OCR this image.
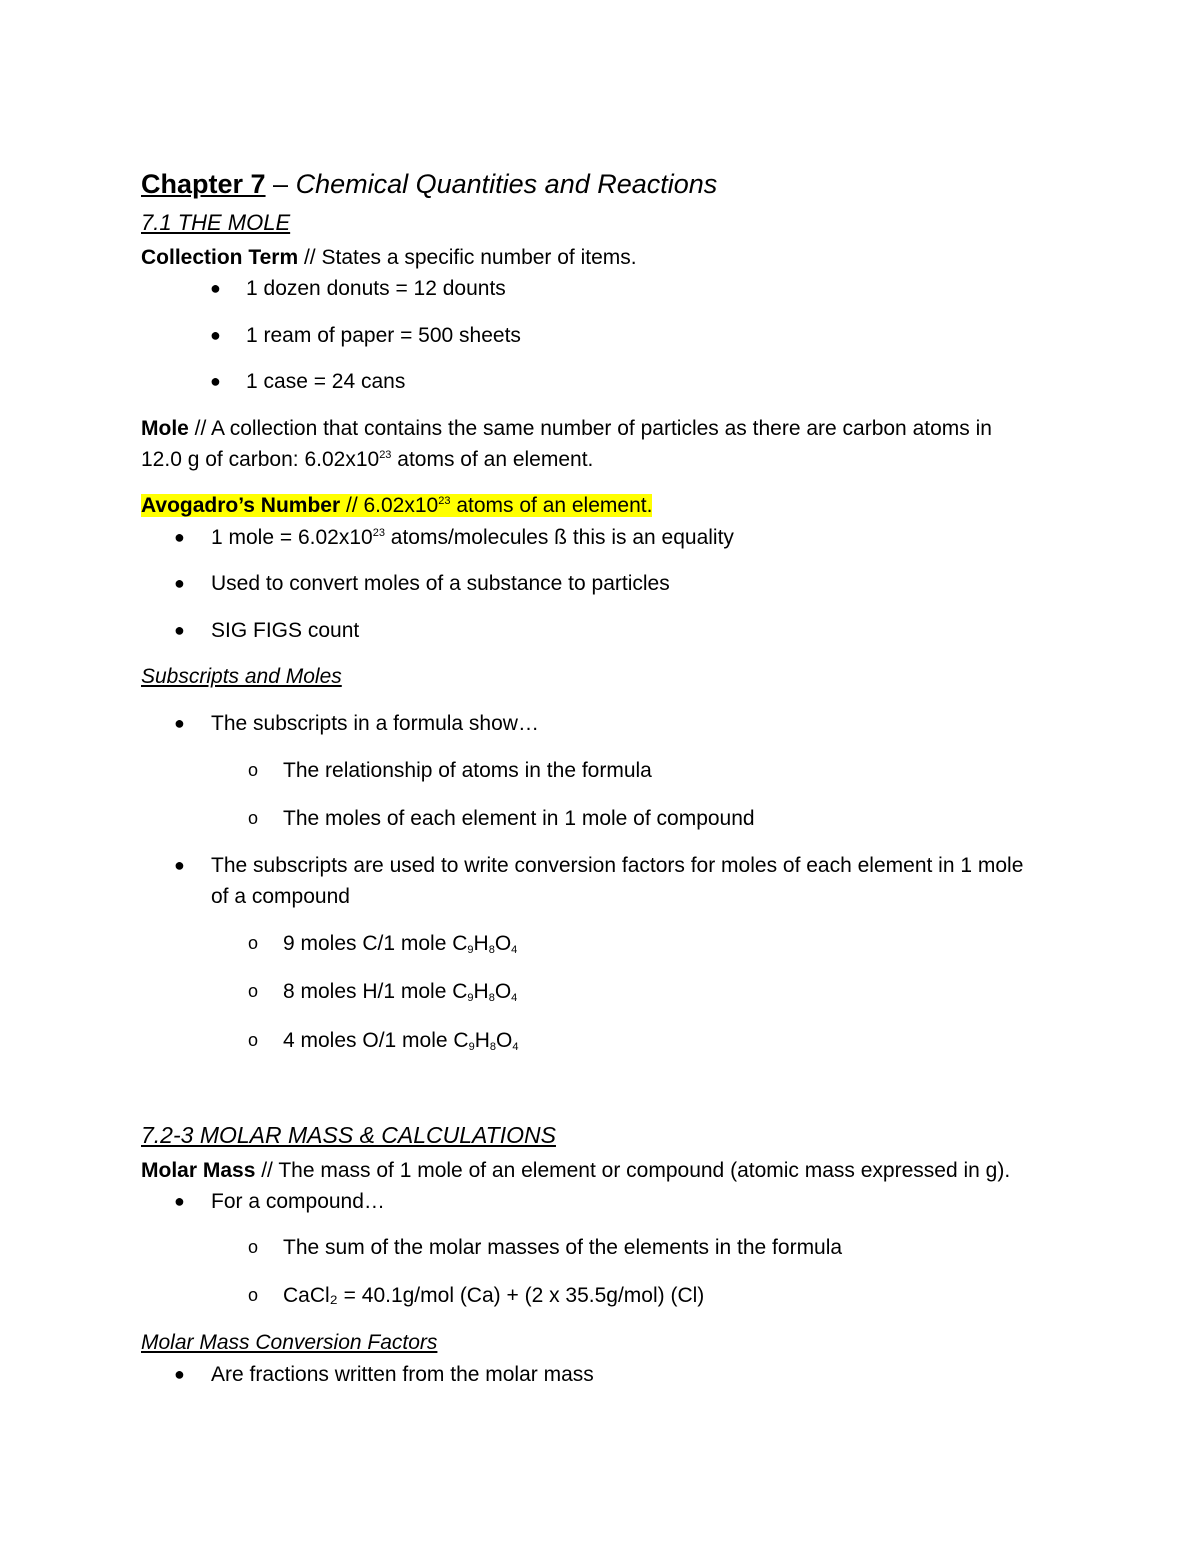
Chapter 7 – Chemical Quantities and Reactions
7.1 THE MOLE
Collection Term // States a specific number of items.
● 1 dozen donuts = 12 dounts
● 1 ream of paper = 500 sheets
● 1 case = 24 cans
Mole // A collection that contains the same number of particles as there are carbon atoms in
12.0 g of carbon: $6.02x10^{23}$ atoms of an element.
Avogadro’s Number // $6.02x10^{23}$ atoms of an element.
● 1 mole = $6.02x10^{23}$ atoms/molecules ß this is an equality
● Used to convert moles of a substance to particles
● SIG FIGS count
Subscripts and Moles
● The subscripts in a formula show…
o The relationship of atoms in the formula
o The moles of each element in 1 mole of compound
● The subscripts are used to write conversion factors for moles of each element in 1 mole
of a compound
o 9 moles C/1 mole $C_9H_8O_4$
o 8 moles H/1 mole $C_9H_8O_4$
o 4 moles O/1 mole $C_9H_8O_4$
7.2-3 MOLAR MASS & CALCULATIONS
Molar Mass // The mass of 1 mole of an element or compound (atomic mass expressed in g).
● For a compound…
o The sum of the molar masses of the elements in the formula
o CaCl₂ = 40.1g/mol (Ca) + (2 x 35.5g/mol) (Cl)
Molar Mass Conversion Factors
● Are fractions written from the molar mass
